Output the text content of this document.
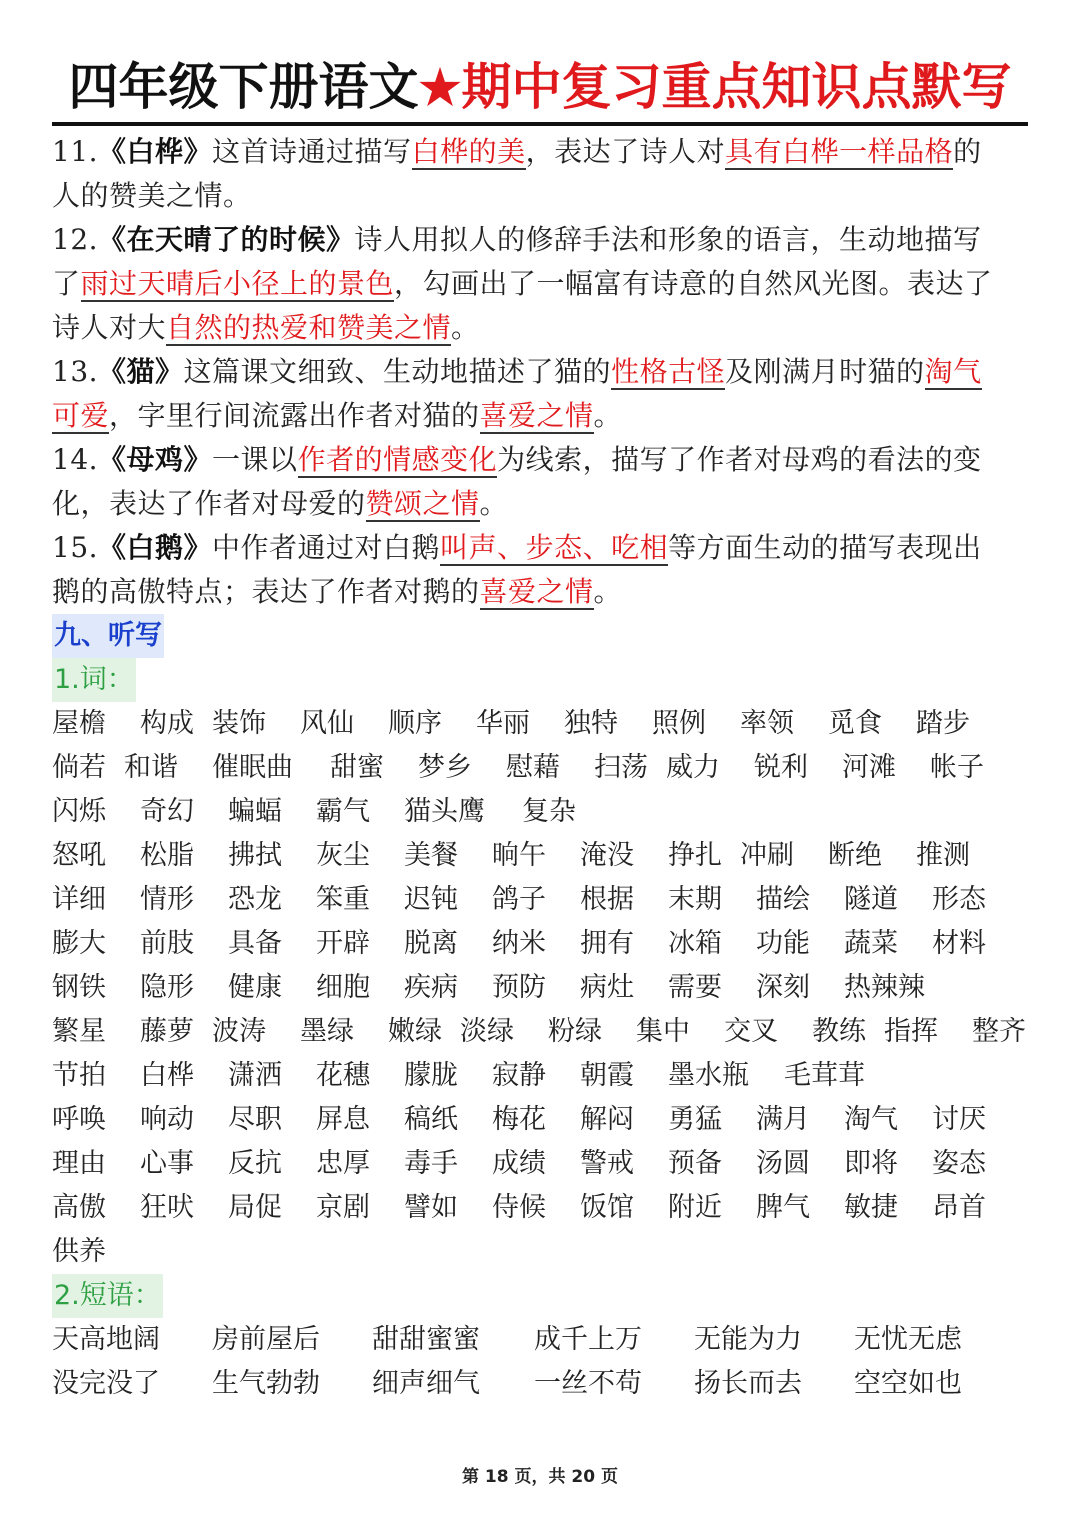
四年级下册语文★期中复习重点知识点默写
11.《白桦》这首诗通过描写白桦的美，表达了诗人对具有白桦一样品格的
人的赞美之情。
12.《在天晴了的时候》诗人用拟人的修辞手法和形象的语言，生动地描写
了雨过天晴后小径上的景色，勾画出了一幅富有诗意的自然风光图。表达了
诗人对大自然的热爱和赞美之情。
13.《猫》这篇课文细致、生动地描述了猫的性格古怪及刚满月时猫的淘气
可爱，字里行间流露出作者对猫的喜爱之情。
14.《母鸡》一课以作者的情感变化为线索，描写了作者对母鸡的看法的变
化，表达了作者对母爱的赞颂之情。
15.《白鹅》中作者通过对白鹅叫声、步态、吃相等方面生动的描写表现出
鹅的高傲特点；表达了作者对鹅的喜爱之情。
九、听写
1.词：
屋檐 构成 装饰 风仙 顺序 华丽 独特 照例 率领 觅食 踏步
倘若 和谐 催眠曲 甜蜜 梦乡 慰藉 扫荡 威力 锐利 河滩 帐子
闪烁 奇幻 蝙蝠 霸气 猫头鹰 复杂
怒吼 松脂 拂拭 灰尘 美餐 晌午 淹没 挣扎 冲刷 断绝 推测
详细 情形 恐龙 笨重 迟钝 鸽子 根据 末期 描绘 隧道 形态
膨大 前肢 具备 开辟 脱离 纳米 拥有 冰箱 功能 蔬菜 材料
钢铁 隐形 健康 细胞 疾病 预防 病灶 需要 深刻 热辣辣
繁星 藤萝 波涛 墨绿 嫩绿 淡绿 粉绿 集中 交叉 教练 指挥 整齐
节拍 白桦 潇洒 花穗 朦胧 寂静 朝霞 墨水瓶 毛茸茸
呼唤 响动 尽职 屏息 稿纸 梅花 解闷 勇猛 满月 淘气 讨厌
理由 心事 反抗 忠厚 毒手 成绩 警戒 预备 汤圆 即将 姿态
高傲 狂吠 局促 京剧 譬如 侍候 饭馆 附近 脾气 敏捷 昂首
供养
2.短语：
天高地阔 房前屋后 甜甜蜜蜜 成千上万 无能为力 无忧无虑
没完没了 生气勃勃 细声细气 一丝不苟 扬长而去 空空如也
第 18 页，共 20 页
